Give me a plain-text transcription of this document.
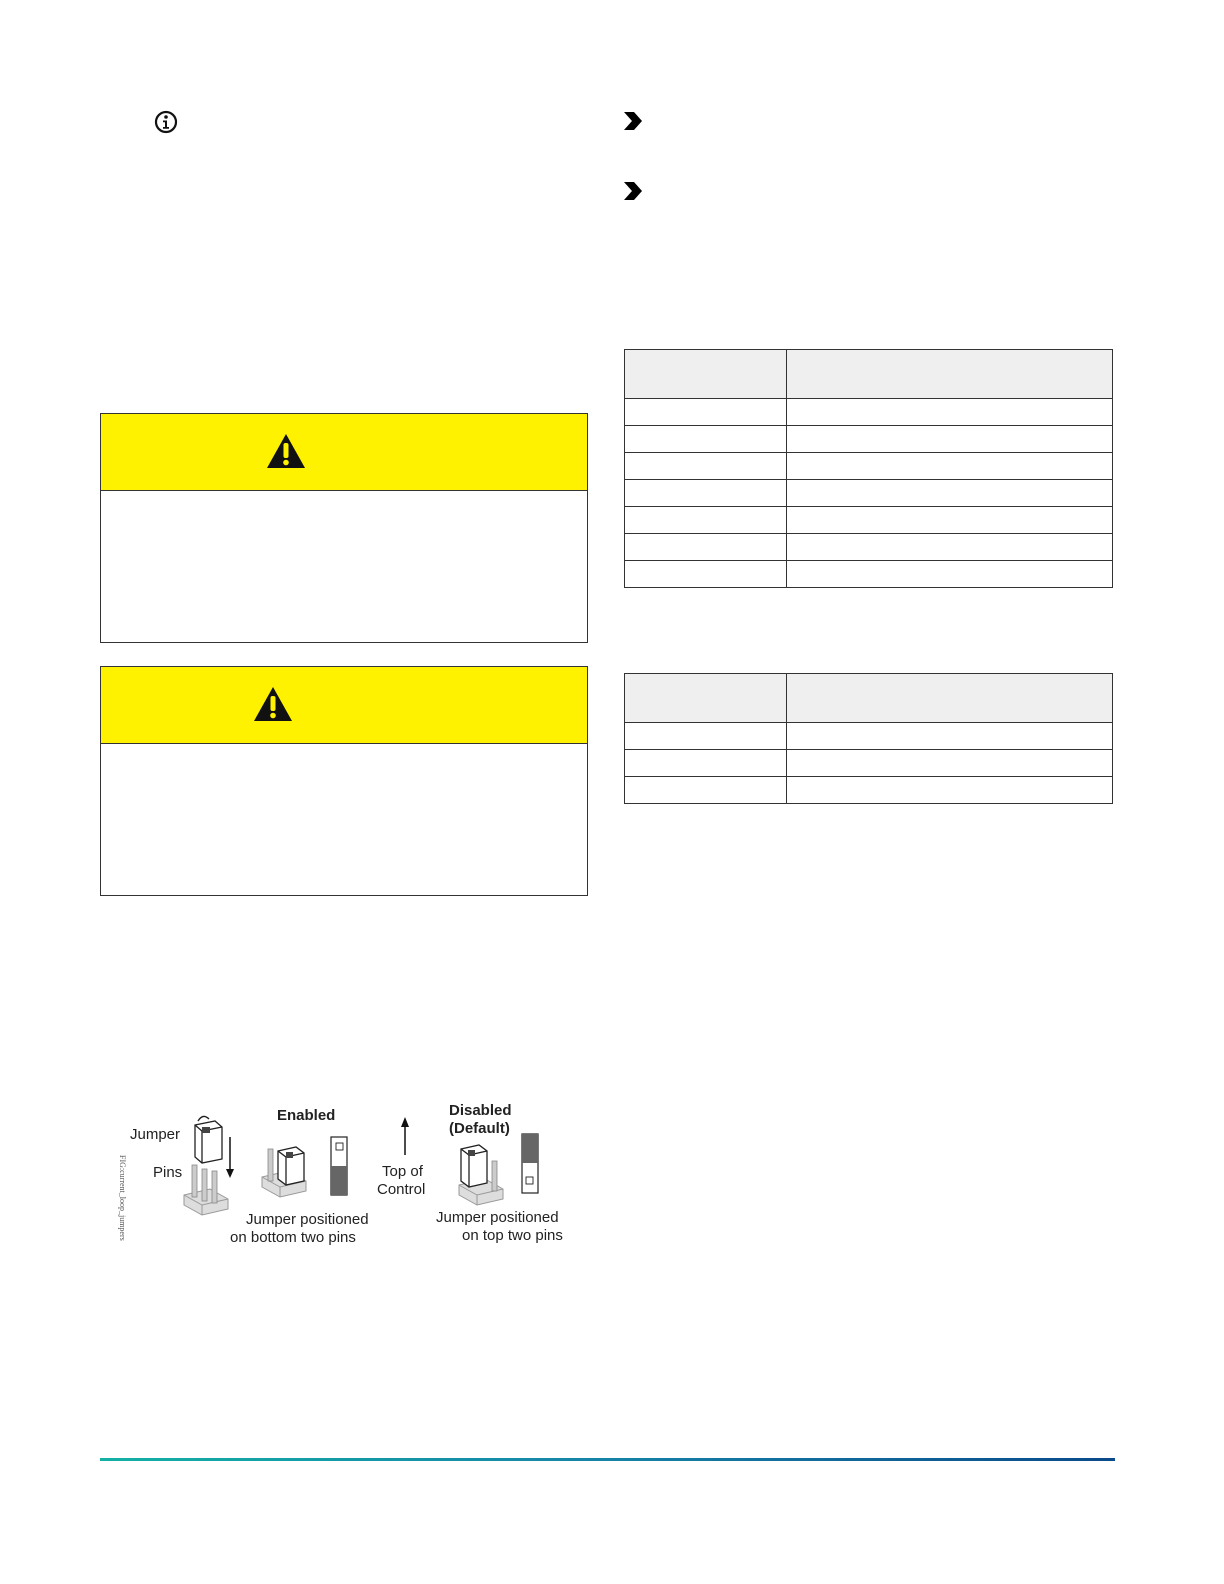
FIG:current_loop_jumpers
Jumper
Pins
Enabled
Jumper positioned
on bottom two pins
Top of
Control
Disabled
(Default)
Jumper positioned
on top two pins
